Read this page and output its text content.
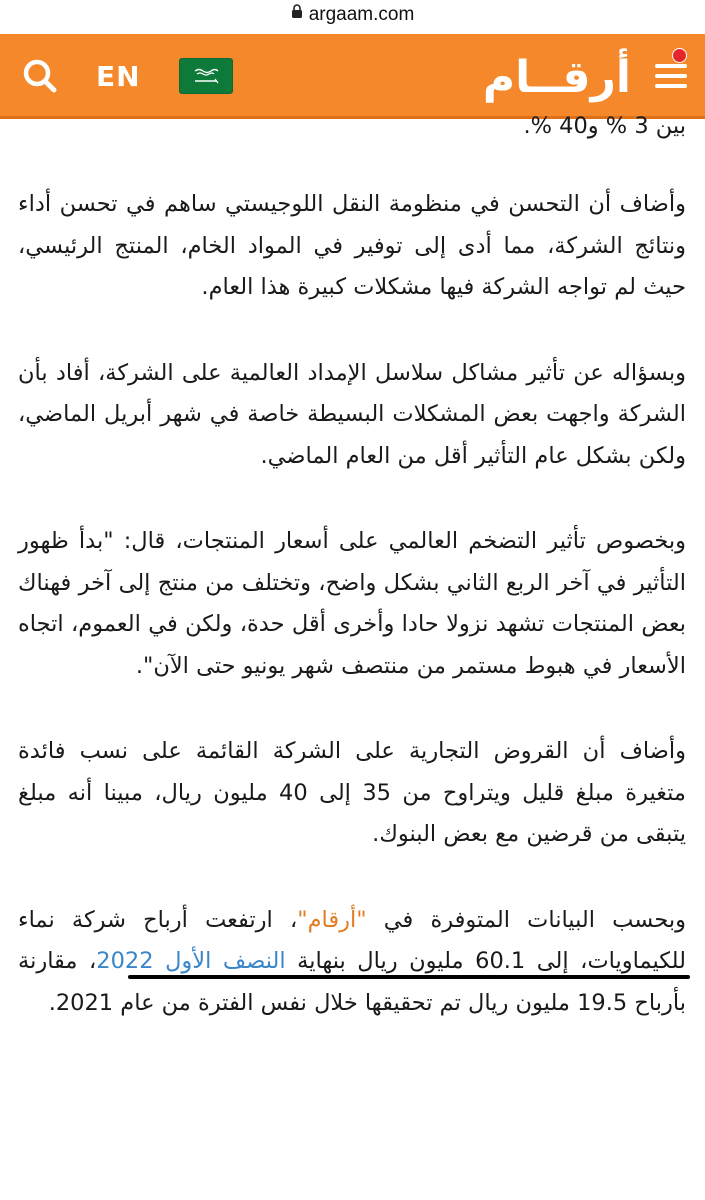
argaam.com
EN	أرقــام

بين 3 % و40 %.

وأضاف أن التحسن في منظومة النقل اللوجيستي ساهم في تحسن أداء ونتائج الشركة، مما أدى إلى توفير في المواد الخام، المنتج الرئيسي، حيث لم تواجه الشركة فيها مشكلات كبيرة هذا العام.

وبسؤاله عن تأثير مشاكل سلاسل الإمداد العالمية على الشركة، أفاد بأن الشركة واجهت بعض المشكلات البسيطة خاصة في شهر أبريل الماضي، ولكن بشكل عام التأثير أقل من العام الماضي.

وبخصوص تأثير التضخم العالمي على أسعار المنتجات، قال: "بدأ ظهور التأثير في آخر الربع الثاني بشكل واضح، وتختلف من منتج إلى آخر فهناك بعض المنتجات تشهد نزولا حادا وأخرى أقل حدة، ولكن في العموم، اتجاه الأسعار في هبوط مستمر من منتصف شهر يونيو حتى الآن".

وأضاف أن القروض التجارية على الشركة القائمة على نسب فائدة متغيرة مبلغ قليل ويتراوح من 35 إلى 40 مليون ريال، مبينا أنه مبلغ يتبقى من قرضين مع بعض البنوك.

وبحسب البيانات المتوفرة في "أرقام"، ارتفعت أرباح شركة نماء للكيماويات، إلى 60.1 مليون ريال بنهاية النصف الأول 2022، مقارنة بأرباح 19.5 مليون ريال تم تحقيقها خلال نفس الفترة من عام 2021.
